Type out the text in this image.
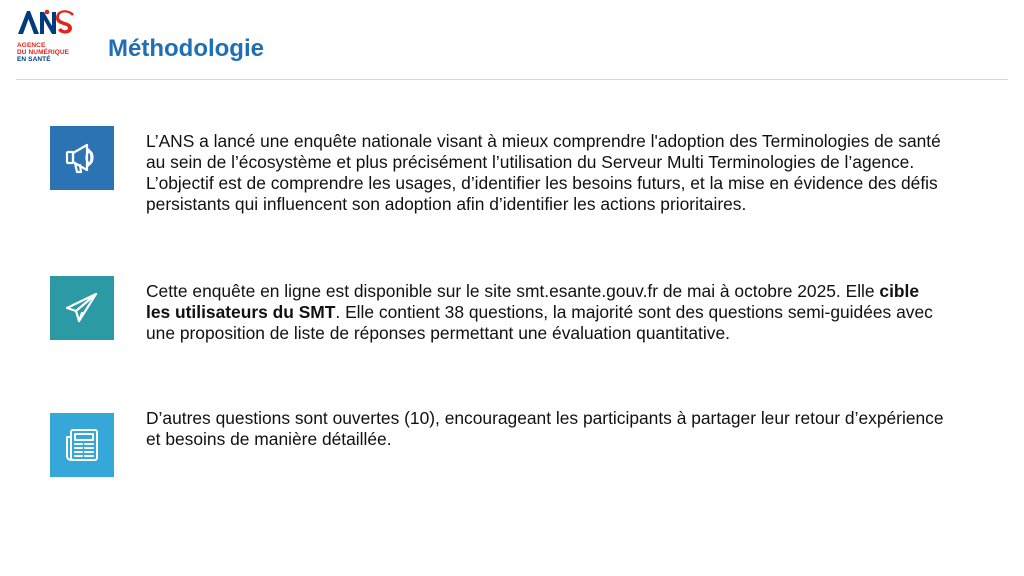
AGENCE
DU NUMÉRIQUE
EN SANTÉ	Méthodologie

L’ANS a lancé une enquête nationale visant à mieux comprendre l'adoption des Terminologies de santé au sein de l’écosystème et plus précisément l’utilisation du Serveur Multi Terminologies de l’agence. L’objectif est de comprendre les usages, d’identifier les besoins futurs, et la mise en évidence des défis persistants qui influencent son adoption afin d’identifier les actions prioritaires.

Cette enquête en ligne est disponible sur le site smt.esante.gouv.fr de mai à octobre 2025. Elle cible les utilisateurs du SMT. Elle contient 38 questions, la majorité sont des questions semi-guidées avec une proposition de liste de réponses permettant une évaluation quantitative.

D’autres questions sont ouvertes (10), encourageant les participants à partager leur retour d’expérience et besoins de manière détaillée.
